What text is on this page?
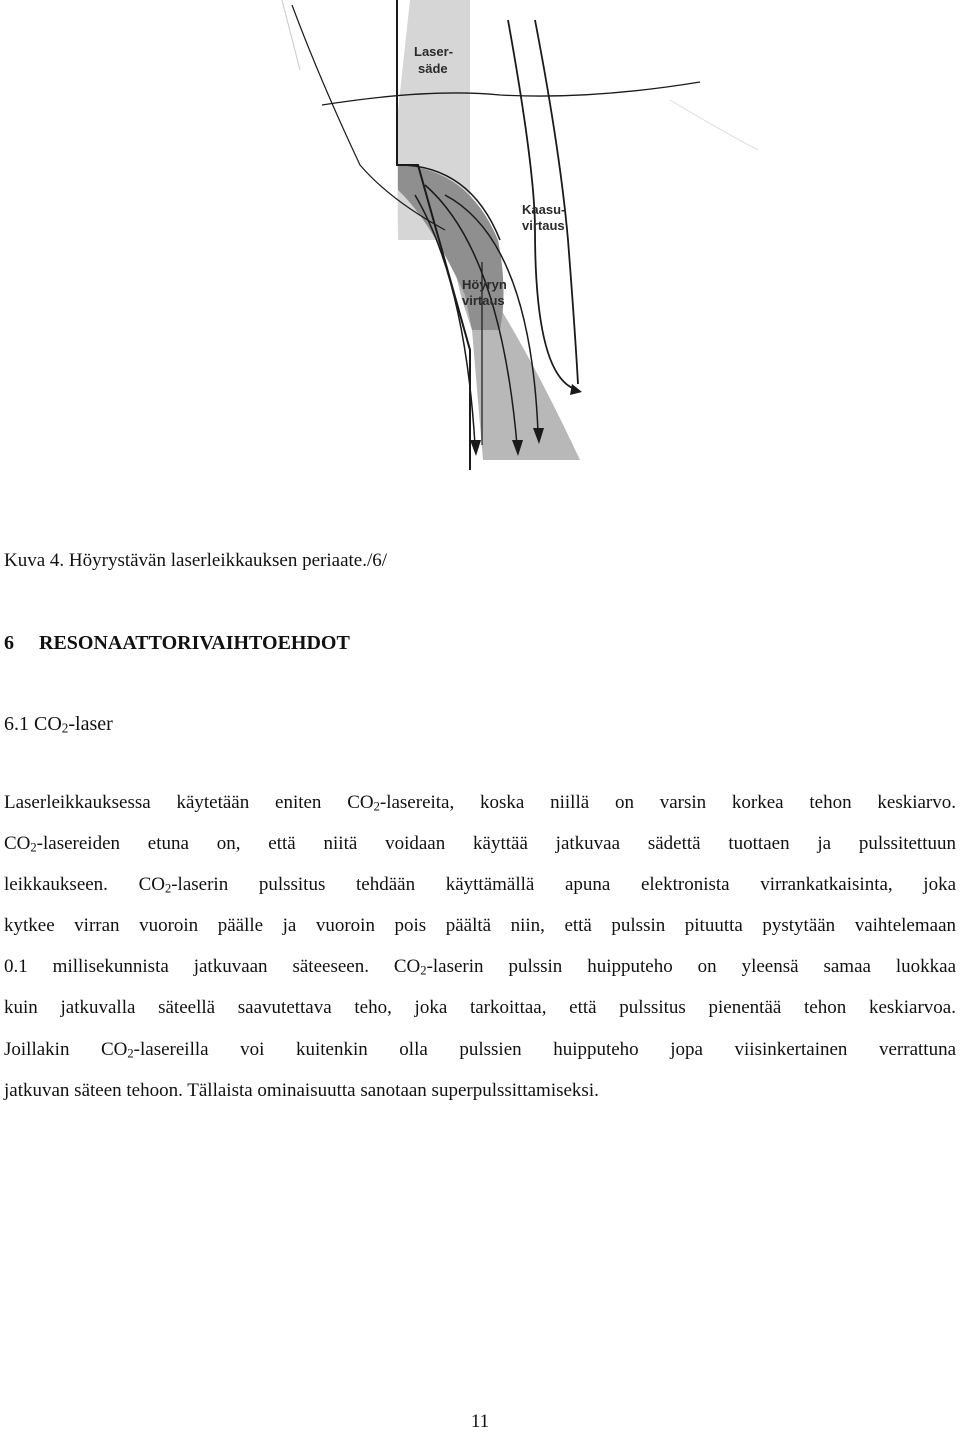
Laser-
säde
Kaasu-
virtaus
Höyryn
virtaus
Kuva 4. Höyrystävän laserleikkauksen periaate./6/
6 RESONAATTORIVAIHTOEHDOT
6.1 $CO_2$-laser
Laserleikkauksessa käytetään eniten $CO_2$-lasereita, koska niillä on varsin korkea tehon keskiarvo.
$CO_2$-lasereiden etuna on, että niitä voidaan käyttää jatkuvaa sädettä tuottaen ja pulssitettuun
leikkaukseen. $CO_2$-laserin pulssitus tehdään käyttämällä apuna elektronista virrankatkaisinta, joka
kytkee virran vuoroin päälle ja vuoroin pois päältä niin, että pulssin pituutta pystytään vaihtelemaan
0.1 millisekunnista jatkuvaan säteeseen. $CO_2$-laserin pulssin huipputeho on yleensä samaa luokkaa
kuin jatkuvalla säteellä saavutettava teho, joka tarkoittaa, että pulssitus pienentää tehon keskiarvoa.
Joillakin $CO_2$-lasereilla voi kuitenkin olla pulssien huipputeho jopa viisinkertainen verrattuna
jatkuvan säteen tehoon. Tällaista ominaisuutta sanotaan superpulssittamiseksi.
11
